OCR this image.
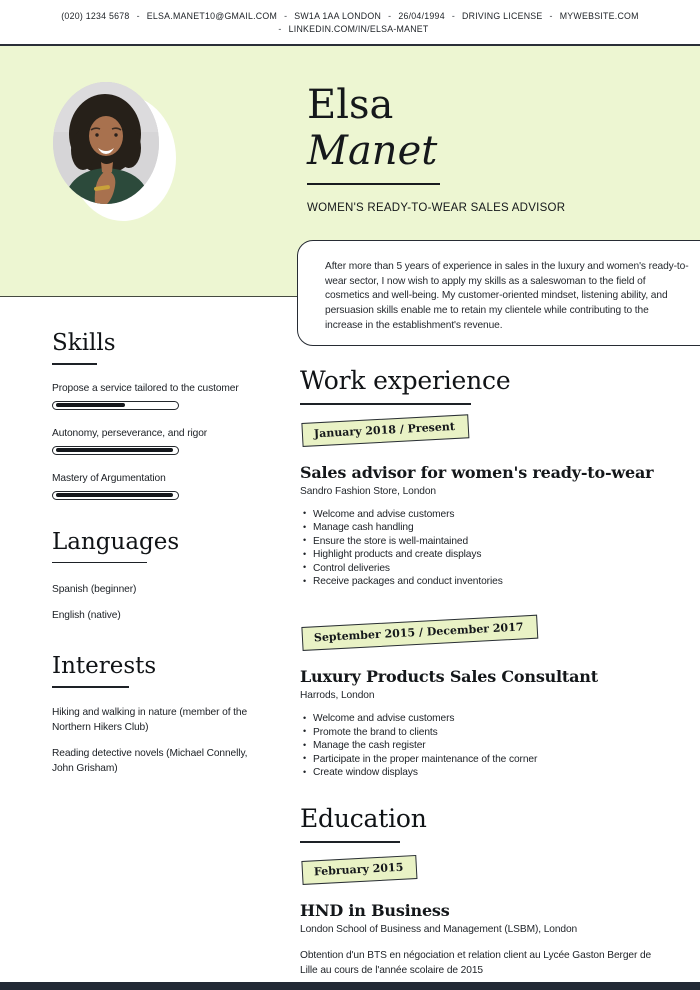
(020) 1234 5678 - ELSA.MANET10@GMAIL.COM - SW1A 1AA LONDON - 26/04/1994 - DRIVING LICENSE - MYWEBSITE.COM
- LINKEDIN.COM/IN/ELSA-MANET
Elsa
Manet
WOMEN'S READY-TO-WEAR SALES ADVISOR
After more than 5 years of experience in sales in the luxury and women's ready-to-wear sector, I now wish to apply my skills as a saleswoman to the field of cosmetics and well-being. My customer-oriented mindset, listening ability, and persuasion skills enable me to retain my clientele while contributing to the increase in the establishment's revenue.
Skills
Propose a service tailored to the customer
Autonomy, perseverance, and rigor
Mastery of Argumentation
Languages
Spanish (beginner)
English (native)
Interests
Hiking and walking in nature (member of the Northern Hikers Club)
Reading detective novels (Michael Connelly, John Grisham)
Work experience
January 2018 / Present
Sales advisor for women's ready-to-wear
Sandro Fashion Store, London
• Welcome and advise customers
• Manage cash handling
• Ensure the store is well-maintained
• Highlight products and create displays
• Control deliveries
• Receive packages and conduct inventories
September 2015 / December 2017
Luxury Products Sales Consultant
Harrods, London
• Welcome and advise customers
• Promote the brand to clients
• Manage the cash register
• Participate in the proper maintenance of the corner
• Create window displays
Education
February 2015
HND in Business
London School of Business and Management (LSBM), London
Obtention d'un BTS en négociation et relation client au Lycée Gaston Berger de Lille au cours de l'année scolaire de 2015
